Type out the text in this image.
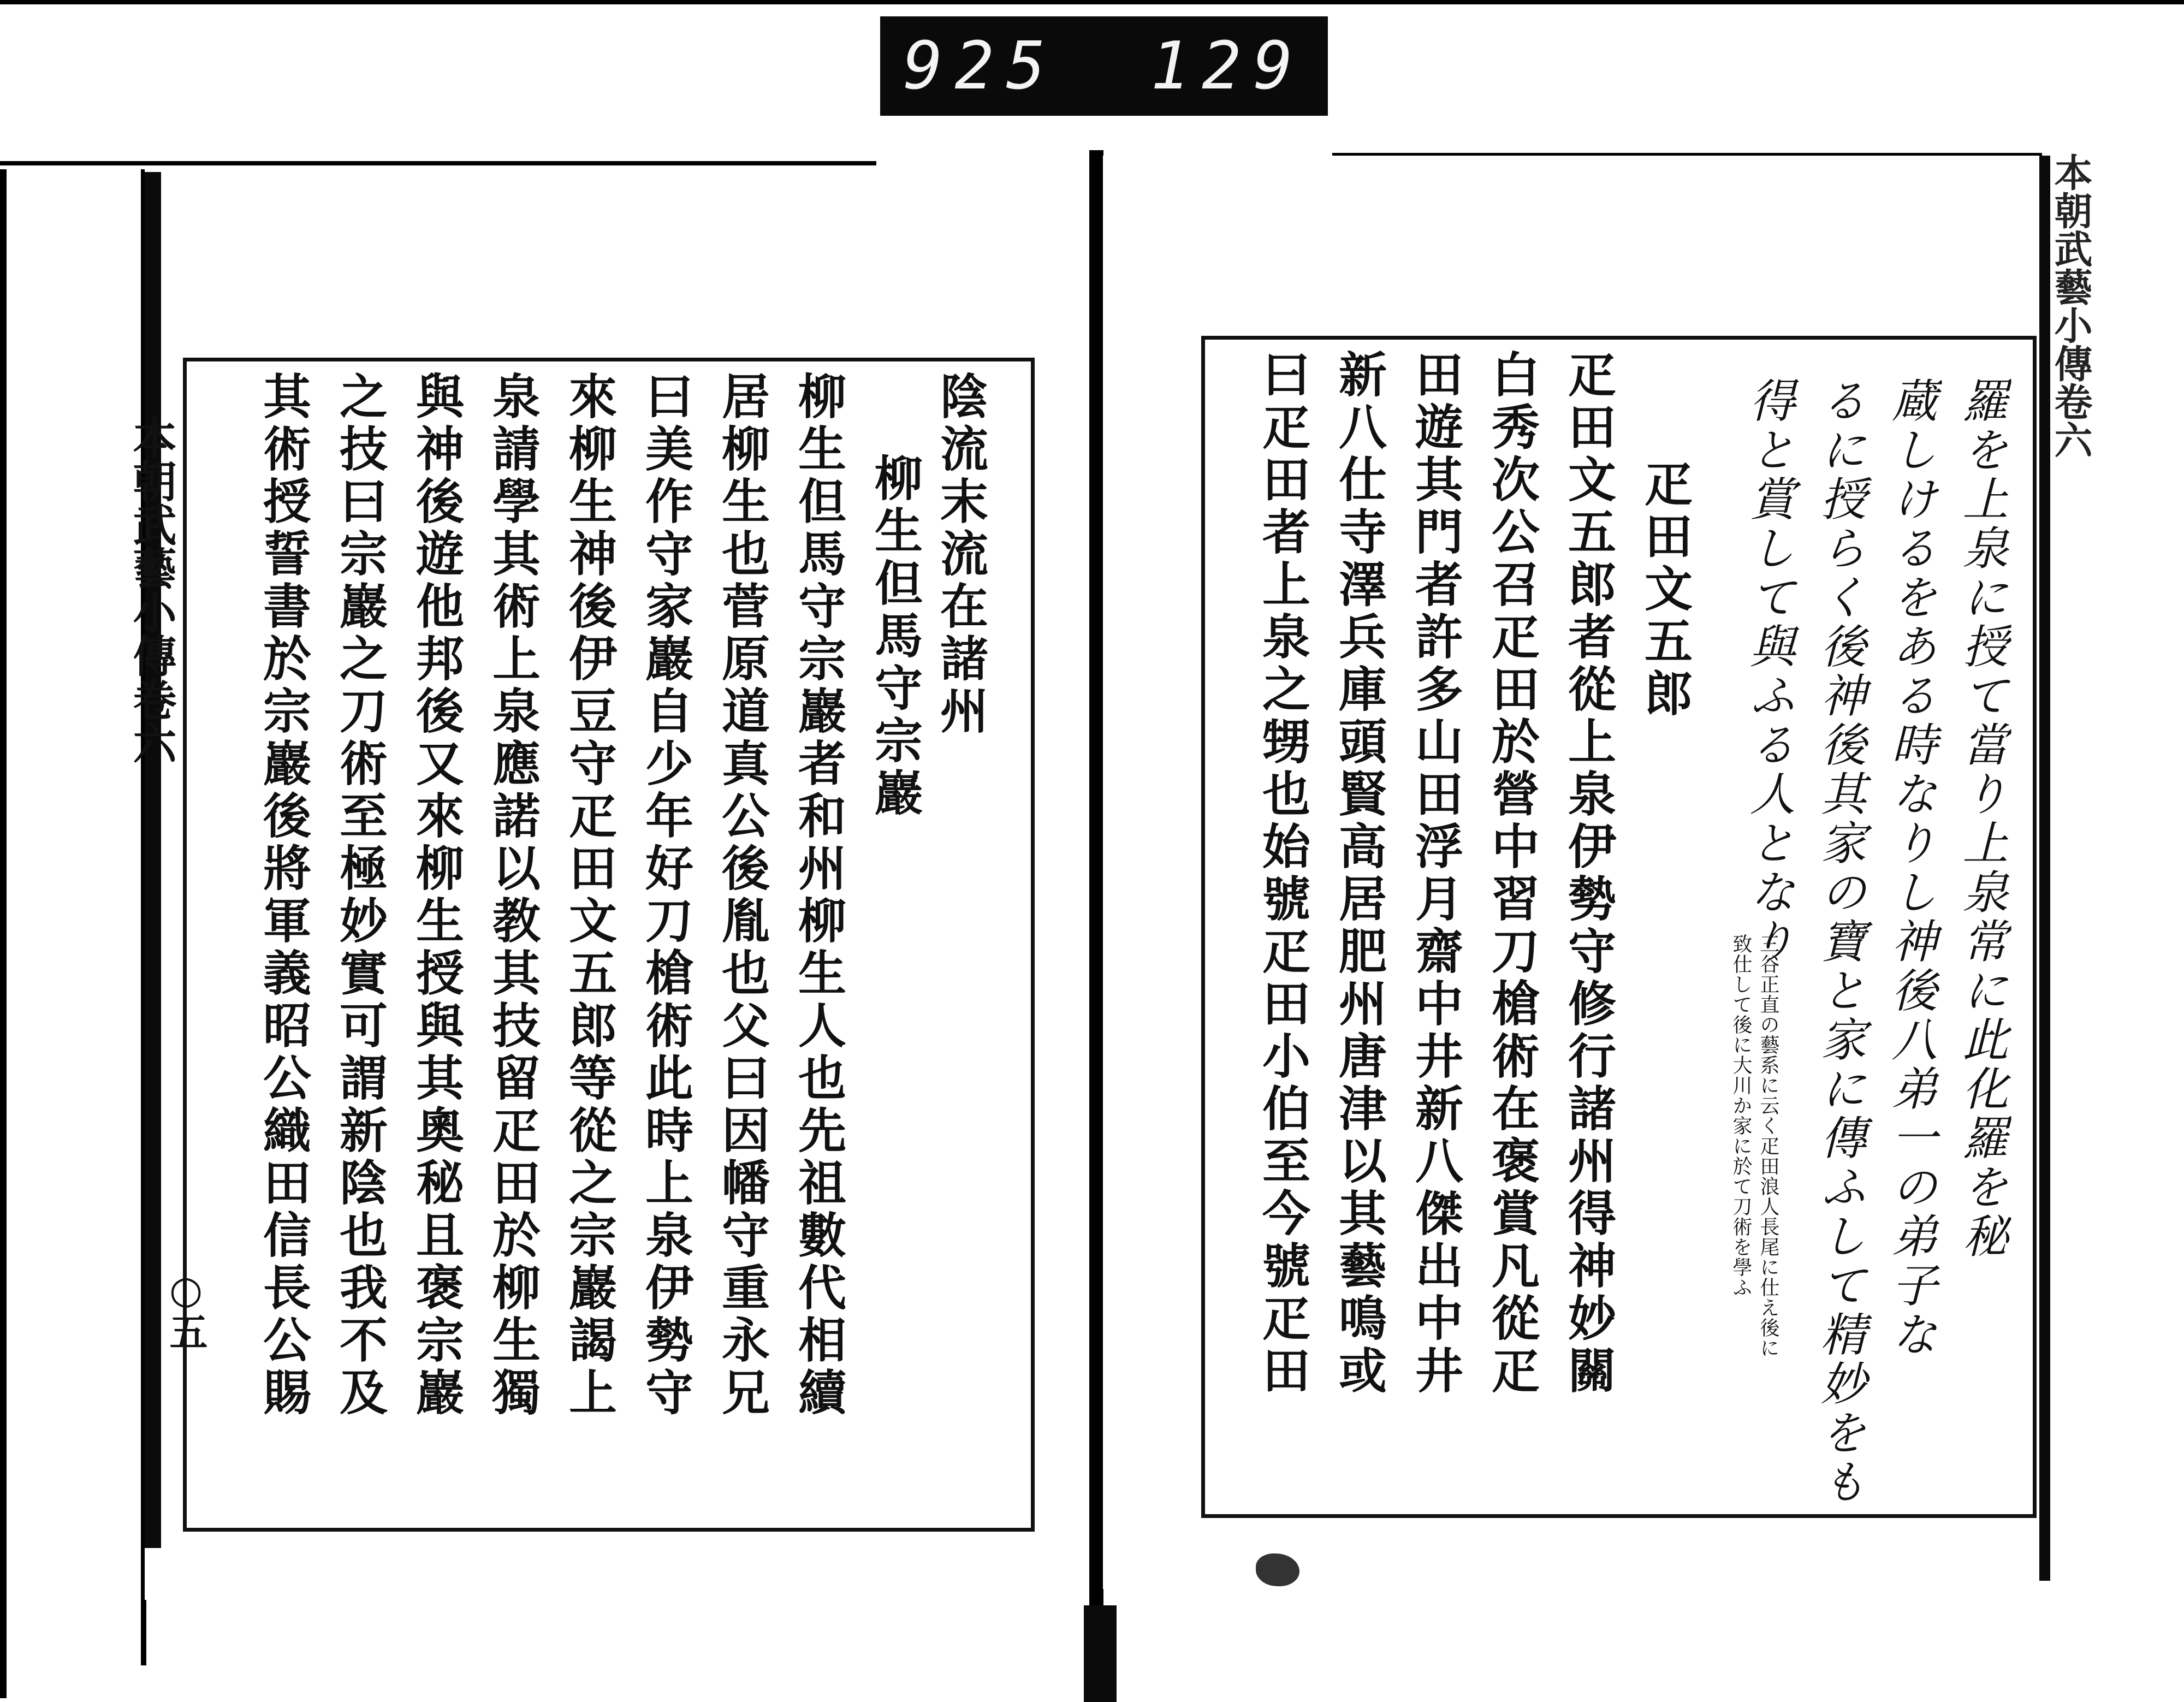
925 129
本朝武藝小傳卷六
○五
陰流末流在諸州
柳生但馬守宗巖
柳生但馬守宗巖者和州柳生人也先祖數代相續
居柳生也菅原道真公後胤也父曰因幡守重永兄
曰美作守家巖自少年好刀槍術此時上泉伊勢守
來柳生神後伊豆守疋田文五郎等從之宗巖謁上
泉請學其術上泉應諾以教其技留疋田於柳生獨
與神後遊他邦後又來柳生授與其奧秘且褒宗巖
之技曰宗巖之刀術至極妙實可謂新陰也我不及
其術授誓書於宗巖後將軍義昭公織田信長公賜
本朝武藝小傳卷六
羅を上泉に授て當り上泉常に此化羅を秘
蔵しけるをある時なりし神後八弟一の弟子な
るに授らく後神後其家の寶と家に傳ふして精妙をも
得と賞して與ふる人となり
三谷正直の藝系に云く疋田浪人長尾に仕え後に
致仕して後に大川か家に於て刀術を學ふ
疋田文五郎
疋田文五郎者從上泉伊勢守修行諸州得神妙關
白秀次公召疋田於營中習刀槍術在褒賞凡從疋
田遊其門者許多山田浮月齋中井新八傑出中井
新八仕寺澤兵庫頭賢高居肥州唐津以其藝鳴或
曰疋田者上泉之甥也始號疋田小伯至今號疋田
